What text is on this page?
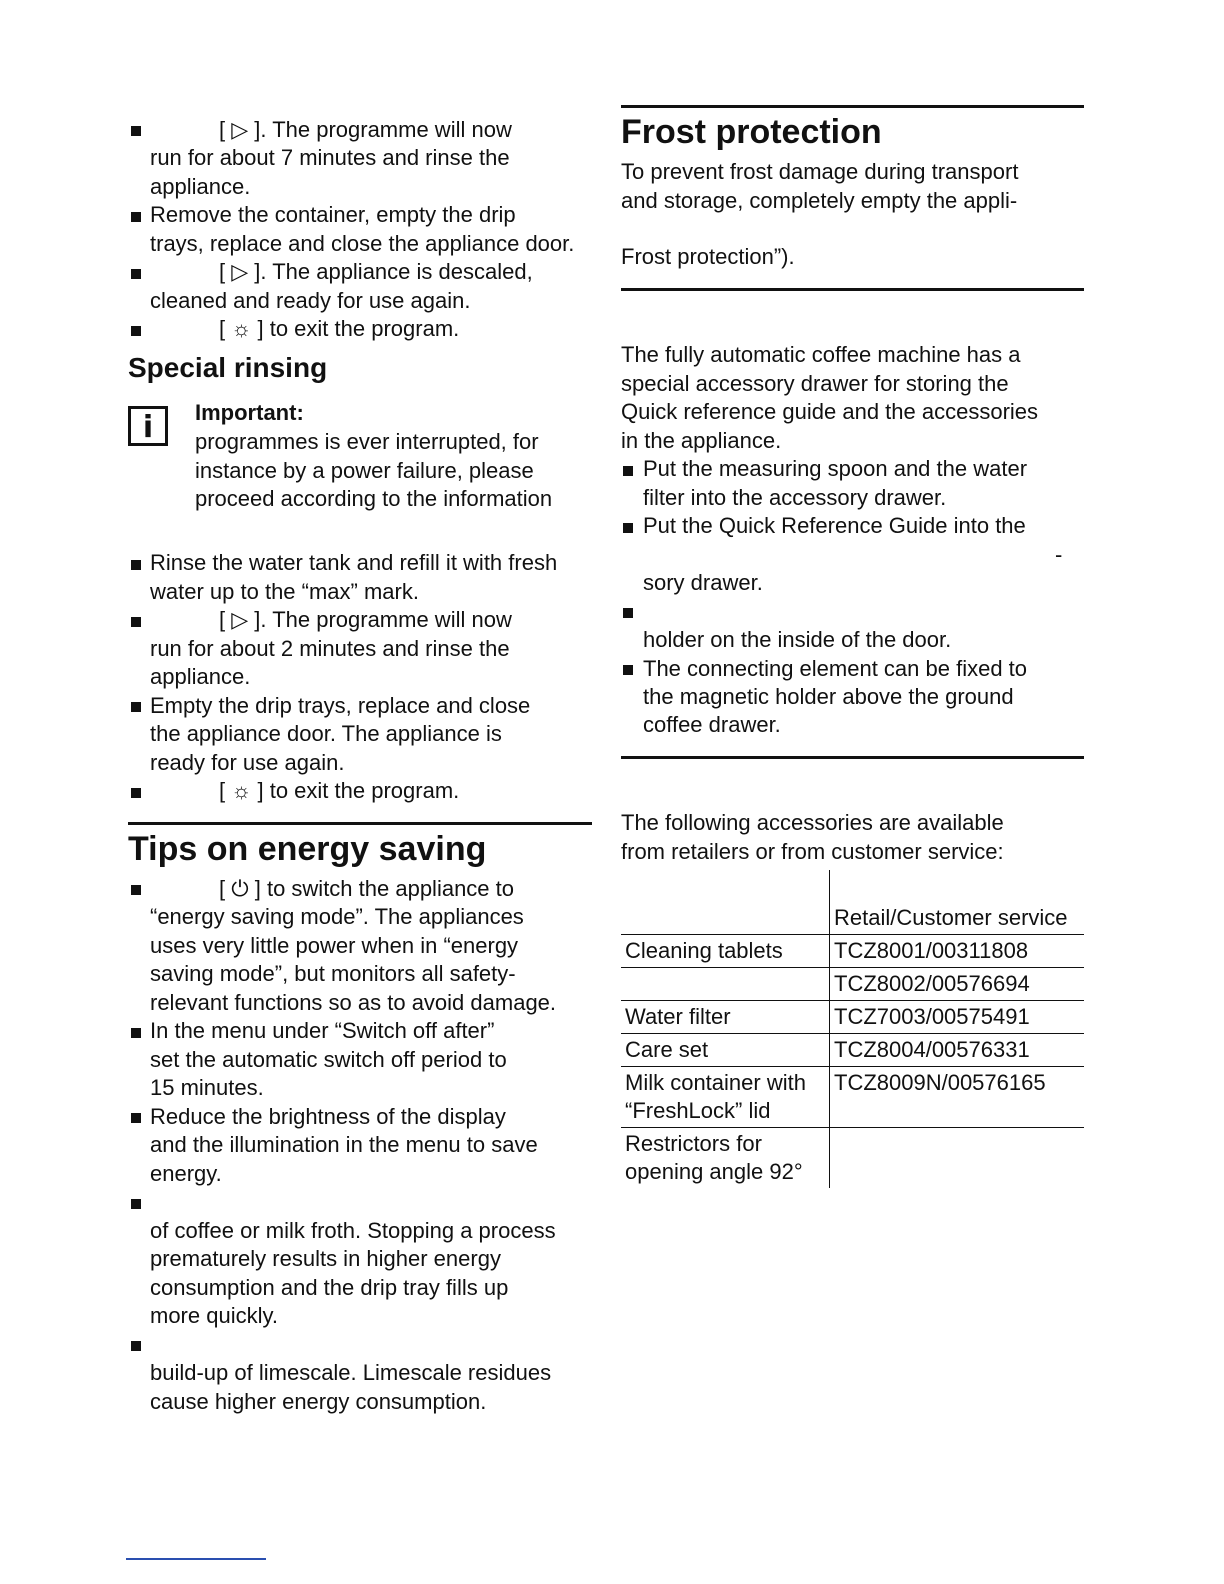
[ ▷ ]. The programme will now

run for about 7 minutes and rinse the

appliance.

Remove the container, empty the drip

trays, replace and close the appliance door.

[ ▷ ]. The appliance is descaled,

cleaned and ready for use again.

[ ☼ ] to exit the program.

Special rinsing

i	Important:

programmes is ever interrupted, for

instance by a power failure, please

proceed according to the information

Rinse the water tank and refill it with fresh

water up to the “max” mark.

[ ▷ ]. The programme will now

run for about 2 minutes and rinse the

appliance.

Empty the drip trays, replace and close

the appliance door. The appliance is

ready for use again.

[ ☼ ] to exit the program.

Tips on energy saving

[ ⏻ ] to switch the appliance to

“energy saving mode”. The appliances

uses very little power when in “energy

saving mode”, but monitors all safety-

relevant functions so as to avoid damage.

In the menu under “Switch off after”

set the automatic switch off period to

15 minutes.

Reduce the brightness of the display

and the illumination in the menu to save

energy.

of coffee or milk froth. Stopping a process

prematurely results in higher energy

consumption and the drip tray fills up

more quickly.

build-up of limescale. Limescale residues

cause higher energy consumption.

Frost protection

To prevent frost damage during transport

and storage, completely empty the appli-

Frost protection”).

The fully automatic coffee machine has a

special accessory drawer for storing the

Quick reference guide and the accessories

in the appliance.

Put the measuring spoon and the water

filter into the accessory drawer.

Put the Quick Reference Guide into the

-

sory drawer.

holder on the inside of the door.

The connecting element can be fixed to

the magnetic holder above the ground

coffee drawer.

The following accessories are available

from retailers or from customer service:

	Retail/Customer service
Cleaning tablets	TCZ8001/00311808
	TCZ8002/00576694
Water filter	TCZ7003/00575491
Care set	TCZ8004/00576331
Milk container with “FreshLock” lid	TCZ8009N/00576165
Restrictors for opening angle 92°	
